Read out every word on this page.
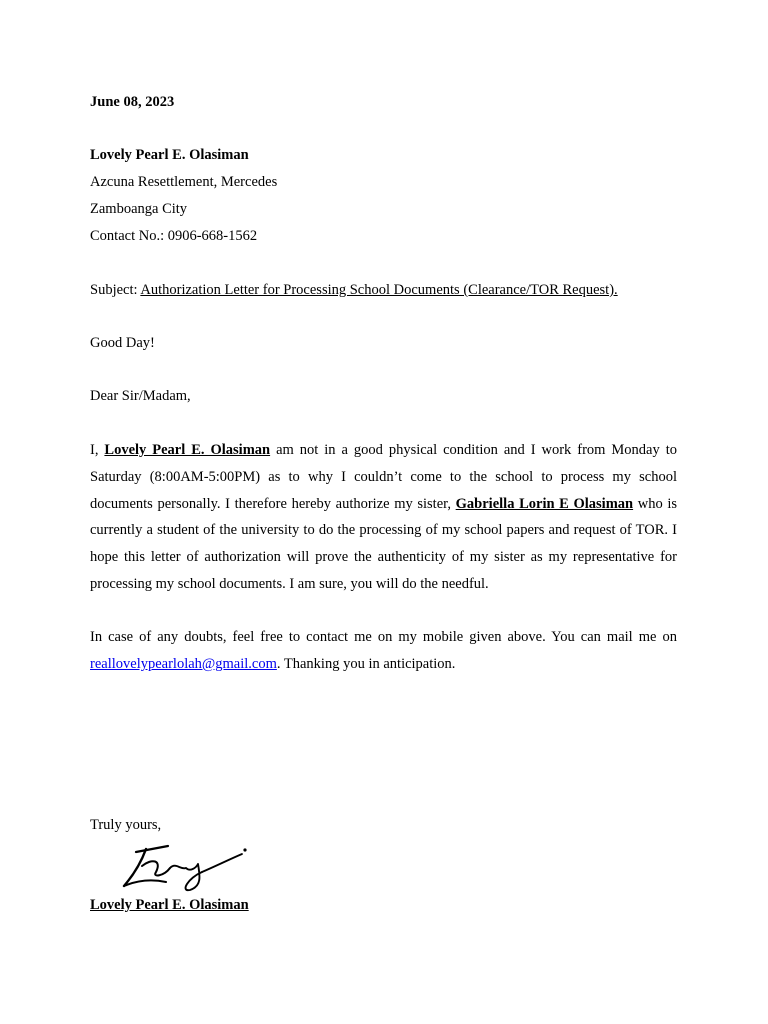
June 08, 2023
Lovely Pearl E. Olasiman
Azcuna Resettlement, Mercedes
Zamboanga City
Contact No.: 0906-668-1562
Subject: Authorization Letter for Processing School Documents (Clearance/TOR Request).
Good Day!
Dear Sir/Madam,
I, Lovely Pearl E. Olasiman am not in a good physical condition and I work from Monday to Saturday (8:00AM-5:00PM) as to why I couldn’t come to the school to process my school documents personally. I therefore hereby authorize my sister, Gabriella Lorin E Olasiman who is currently a student of the university to do the processing of my school papers and request of TOR. I hope this letter of authorization will prove the authenticity of my sister as my representative for processing my school documents. I am sure, you will do the needful.
In case of any doubts, feel free to contact me on my mobile given above. You can mail me on reallovelypearlolah@gmail.com. Thanking you in anticipation.
Truly yours,
Lovely Pearl E. Olasiman
